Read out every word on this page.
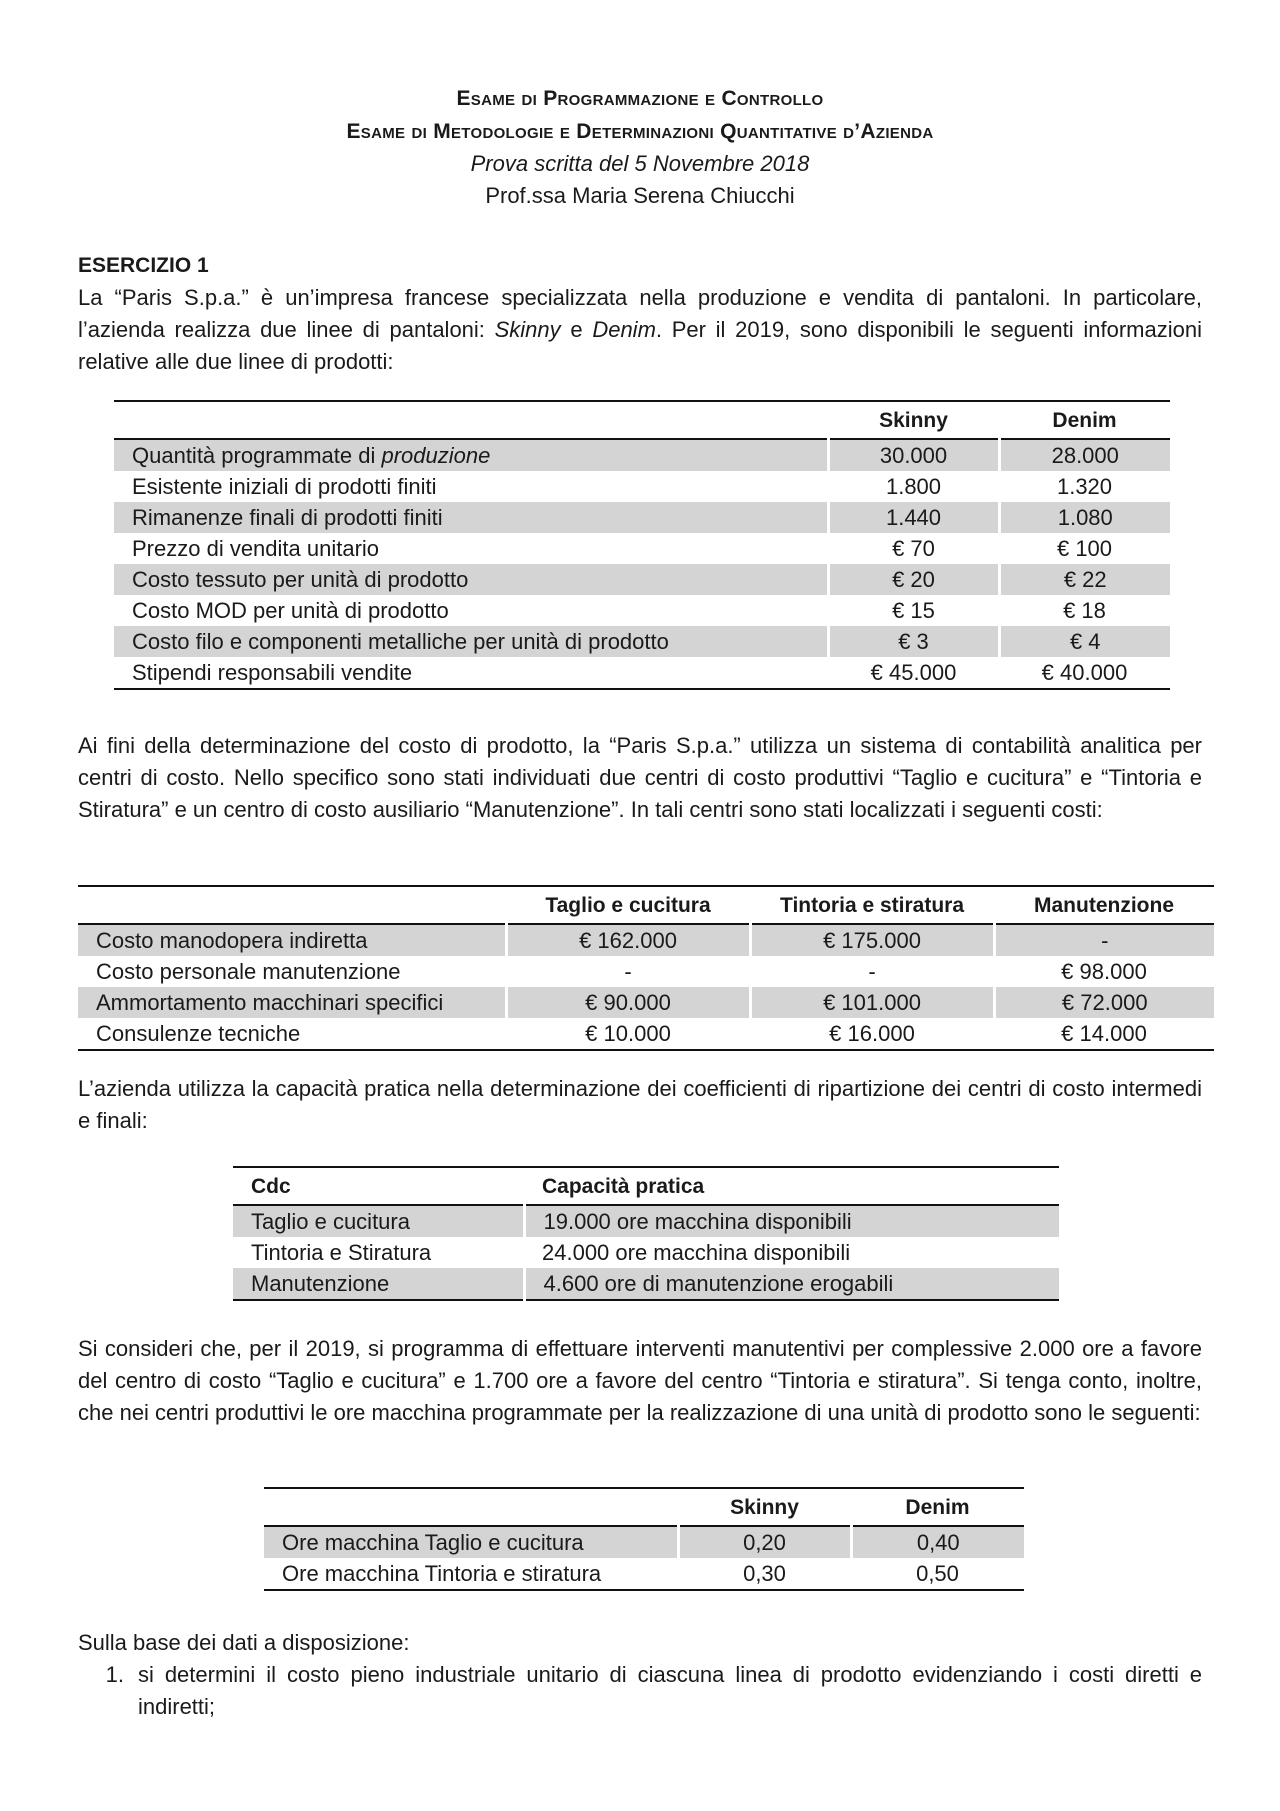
Esame di Programmazione e Controllo
Esame di Metodologie e Determinazioni Quantitative d’Azienda
Prova scritta del 5 Novembre 2018
Prof.ssa Maria Serena Chiucchi
ESERCIZIO 1
La “Paris S.p.a.” è un’impresa francese specializzata nella produzione e vendita di pantaloni. In particolare, l’azienda realizza due linee di pantaloni: Skinny e Denim. Per il 2019, sono disponibili le seguenti informazioni relative alle due linee di prodotti:
	Skinny	Denim
Quantità programmate di produzione	30.000	28.000
Esistente iniziali di prodotti finiti	1.800	1.320
Rimanenze finali di prodotti finiti	1.440	1.080
Prezzo di vendita unitario	€ 70	€ 100
Costo tessuto per unità di prodotto	€ 20	€ 22
Costo MOD per unità di prodotto	€ 15	€ 18
Costo filo e componenti metalliche per unità di prodotto	€ 3	€ 4
Stipendi responsabili vendite	€ 45.000	€ 40.000
Ai fini della determinazione del costo di prodotto, la “Paris S.p.a.” utilizza un sistema di contabilità analitica per centri di costo. Nello specifico sono stati individuati due centri di costo produttivi “Taglio e cucitura” e “Tintoria e Stiratura” e un centro di costo ausiliario “Manutenzione”. In tali centri sono stati localizzati i seguenti costi:
	Taglio e cucitura	Tintoria e stiratura	Manutenzione
Costo manodopera indiretta	€ 162.000	€ 175.000	-
Costo personale manutenzione	-	-	€ 98.000
Ammortamento macchinari specifici	€ 90.000	€ 101.000	€ 72.000
Consulenze tecniche	€ 10.000	€ 16.000	€ 14.000
L’azienda utilizza la capacità pratica nella determinazione dei coefficienti di ripartizione dei centri di costo intermedi e finali:
Cdc	Capacità pratica
Taglio e cucitura	19.000 ore macchina disponibili
Tintoria e Stiratura	24.000 ore macchina disponibili
Manutenzione	4.600 ore di manutenzione erogabili
Si consideri che, per il 2019, si programma di effettuare interventi manutentivi per complessive 2.000 ore a favore del centro di costo “Taglio e cucitura” e 1.700 ore a favore del centro “Tintoria e stiratura”. Si tenga conto, inoltre, che nei centri produttivi le ore macchina programmate per la realizzazione di una unità di prodotto sono le seguenti:
	Skinny	Denim
Ore macchina Taglio e cucitura	0,20	0,40
Ore macchina Tintoria e stiratura	0,30	0,50
Sulla base dei dati a disposizione:
1. si determini il costo pieno industriale unitario di ciascuna linea di prodotto evidenziando i costi diretti e indiretti;
